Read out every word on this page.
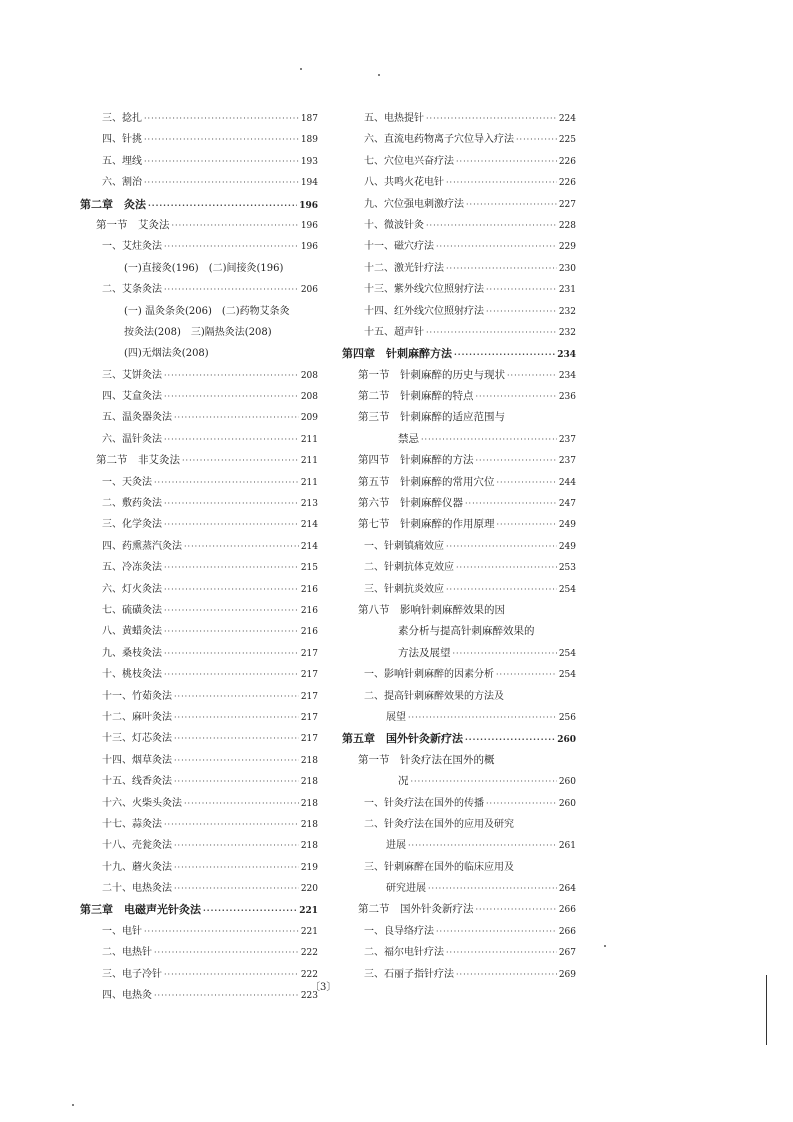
三、捻扎 ·····	187
四、针挑 ·····	189
五、埋线 ·····	193
六、割治 ·····	194
第二章　灸法 ·····	196
第一节　艾灸法 ·····	196
一、艾炷灸法 ·····	196
(一)直接灸(196)　(二)间接灸(196)
二、艾条灸法 ·····	206
(一) 温灸条灸(206)　(二)药物艾条灸
按灸法(208)　三)隔热灸法(208)
(四)无烟法灸(208)
三、艾饼灸法 ·····	208
四、艾盒灸法 ·····	208
五、温灸器灸法 ·····	209
六、温针灸法 ·····	211
第二节　非艾灸法 ·····	211
一、天灸法 ·····	211
二、敷药灸法 ·····	213
三、化学灸法 ·····	214
四、药熏蒸汽灸法 ·····	214
五、冷冻灸法 ·····	215
六、灯火灸法 ·····	216
七、硫磺灸法 ·····	216
八、黄蜡灸法 ·····	216
九、桑枝灸法 ·····	217
十、桃枝灸法 ·····	217
十一、竹茹灸法 ·····	217
十二、麻叶灸法 ·····	217
十三、灯芯灸法 ·····	217
十四、烟草灸法 ·····	218
十五、线香灸法 ·····	218
十六、火柴头灸法 ·····	218
十七、蒜灸法 ·····	218
十八、壳瓮灸法 ·····	218
十九、蘑火灸法 ·····	219
二十、电热灸法 ·····	220
第三章　电磁声光针灸法 ·····	221
一、电针 ·····	221
二、电热针 ·····	222
三、电子冷针 ·····	222
四、电热灸 ·····	223
五、电热提针 ·····	224
六、直流电药物离子穴位导入疗法 ·····	225
七、穴位电兴奋疗法 ·····	226
八、共鸣火花电针 ·····	226
九、穴位强电刺激疗法 ·····	227
十、微波针灸 ·····	228
十一、磁穴疗法 ·····	229
十二、激光针疗法 ·····	230
十三、紫外线穴位照射疗法 ·····	231
十四、红外线穴位照射疗法 ·····	232
十五、超声针 ·····	232
第四章　针刺麻醉方法 ·····	234
第一节　针刺麻醉的历史与现状 ·····	234
第二节　针刺麻醉的特点 ·····	236
第三节　针刺麻醉的适应范围与
禁忌 ·····	237
第四节　针刺麻醉的方法 ·····	237
第五节　针刺麻醉的常用穴位 ·····	244
第六节　针刺麻醉仪器 ·····	247
第七节　针刺麻醉的作用原理 ·····	249
一、针刺镇痛效应 ·····	249
二、针刺抗体克效应 ·····	253
三、针刺抗炎效应 ·····	254
第八节　影响针刺麻醉效果的因
素分析与提高针刺麻醉效果的
方法及展望 ·····	254
一、影响针刺麻醉的因素分析 ·····	254
二、提高针刺麻醉效果的方法及
展望 ·····	256
第五章　国外针灸新疗法 ·····	260
第一节　针灸疗法在国外的概
况 ·····	260
一、针灸疗法在国外的传播 ·····	260
二、针灸疗法在国外的应用及研究
进展 ·····	261
三、针刺麻醉在国外的临床应用及
研究进展 ·····	264
第二节　国外针灸新疗法 ·····	266
一、良导络疗法 ·····	266
二、福尔电针疗法 ·····	267
三、石丽子指针疗法 ·····	269
〔3〕
